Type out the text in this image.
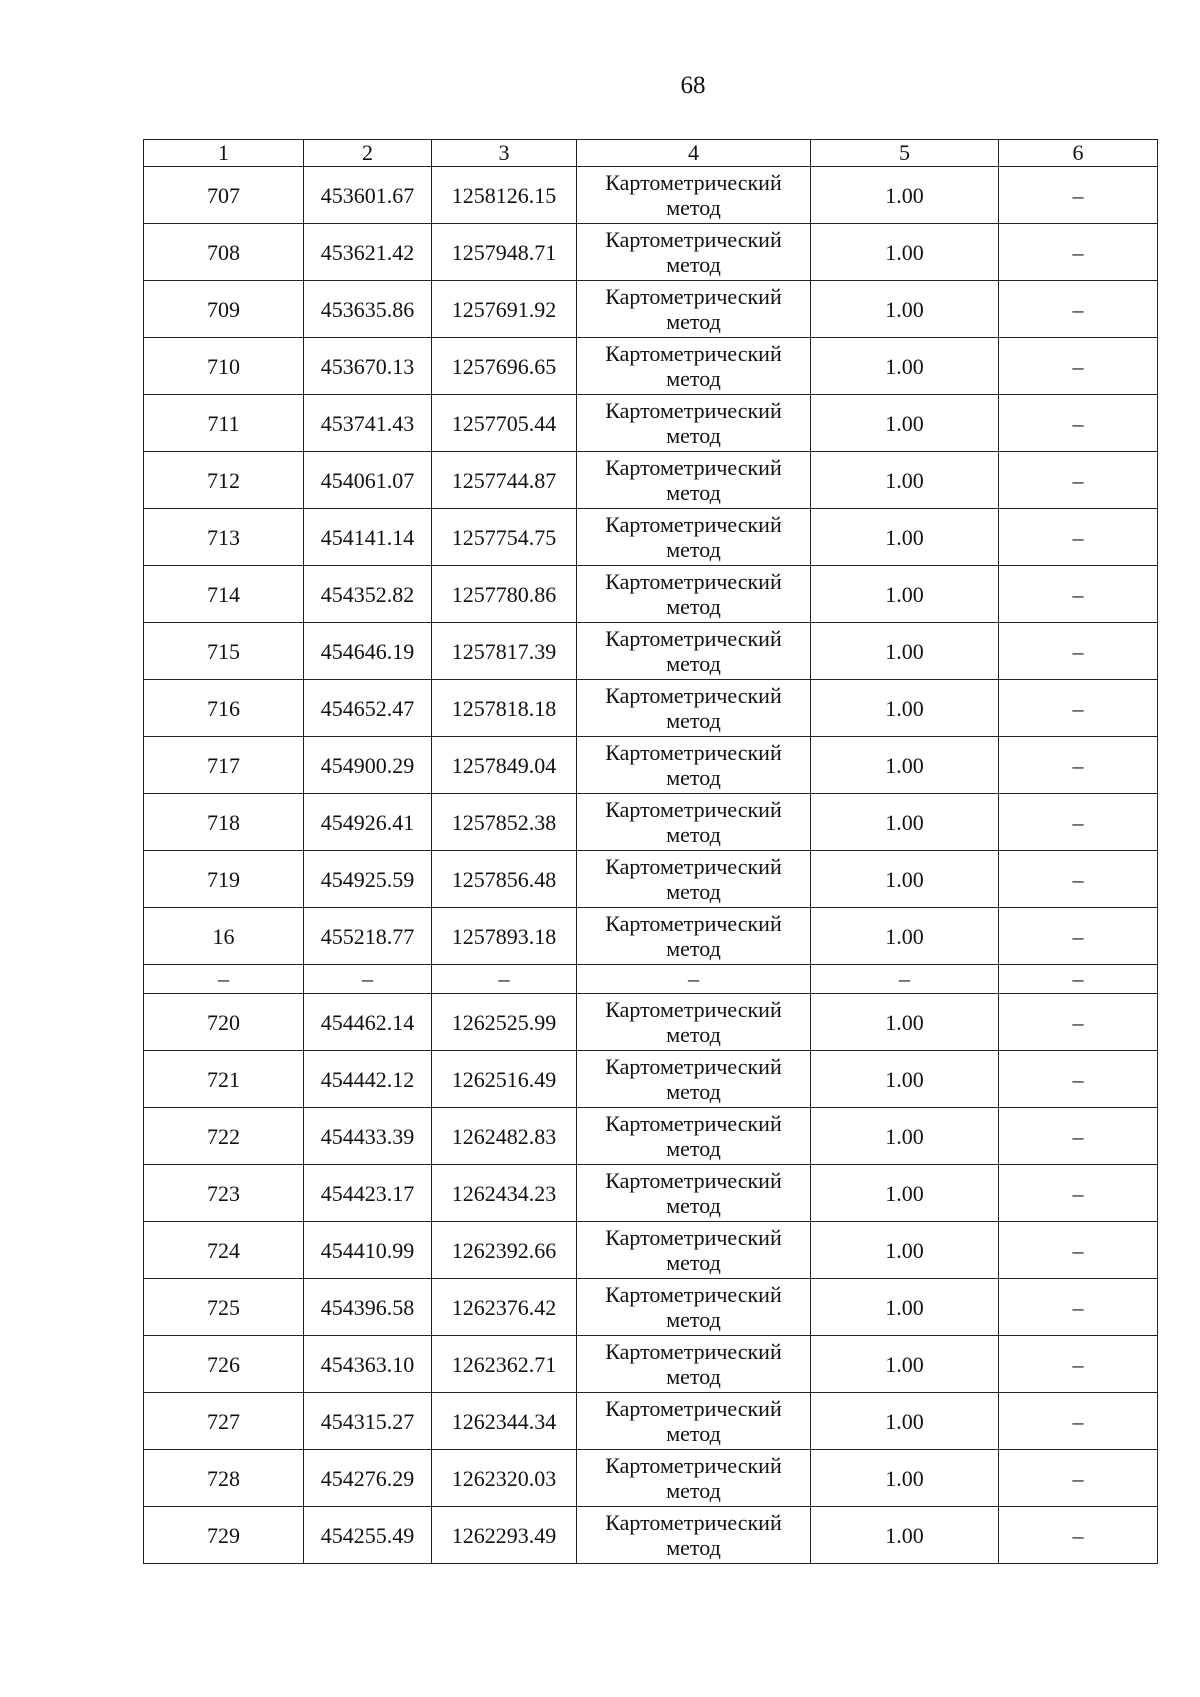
68
1	2	3	4	5	6
707	453601.67	1258126.15	Картометрический метод	1.00	–
708	453621.42	1257948.71	Картометрический метод	1.00	–
709	453635.86	1257691.92	Картометрический метод	1.00	–
710	453670.13	1257696.65	Картометрический метод	1.00	–
711	453741.43	1257705.44	Картометрический метод	1.00	–
712	454061.07	1257744.87	Картометрический метод	1.00	–
713	454141.14	1257754.75	Картометрический метод	1.00	–
714	454352.82	1257780.86	Картометрический метод	1.00	–
715	454646.19	1257817.39	Картометрический метод	1.00	–
716	454652.47	1257818.18	Картометрический метод	1.00	–
717	454900.29	1257849.04	Картометрический метод	1.00	–
718	454926.41	1257852.38	Картометрический метод	1.00	–
719	454925.59	1257856.48	Картометрический метод	1.00	–
16	455218.77	1257893.18	Картометрический метод	1.00	–
–	–	–	–	–	–
720	454462.14	1262525.99	Картометрический метод	1.00	–
721	454442.12	1262516.49	Картометрический метод	1.00	–
722	454433.39	1262482.83	Картометрический метод	1.00	–
723	454423.17	1262434.23	Картометрический метод	1.00	–
724	454410.99	1262392.66	Картометрический метод	1.00	–
725	454396.58	1262376.42	Картометрический метод	1.00	–
726	454363.10	1262362.71	Картометрический метод	1.00	–
727	454315.27	1262344.34	Картометрический метод	1.00	–
728	454276.29	1262320.03	Картометрический метод	1.00	–
729	454255.49	1262293.49	Картометрический метод	1.00	–
